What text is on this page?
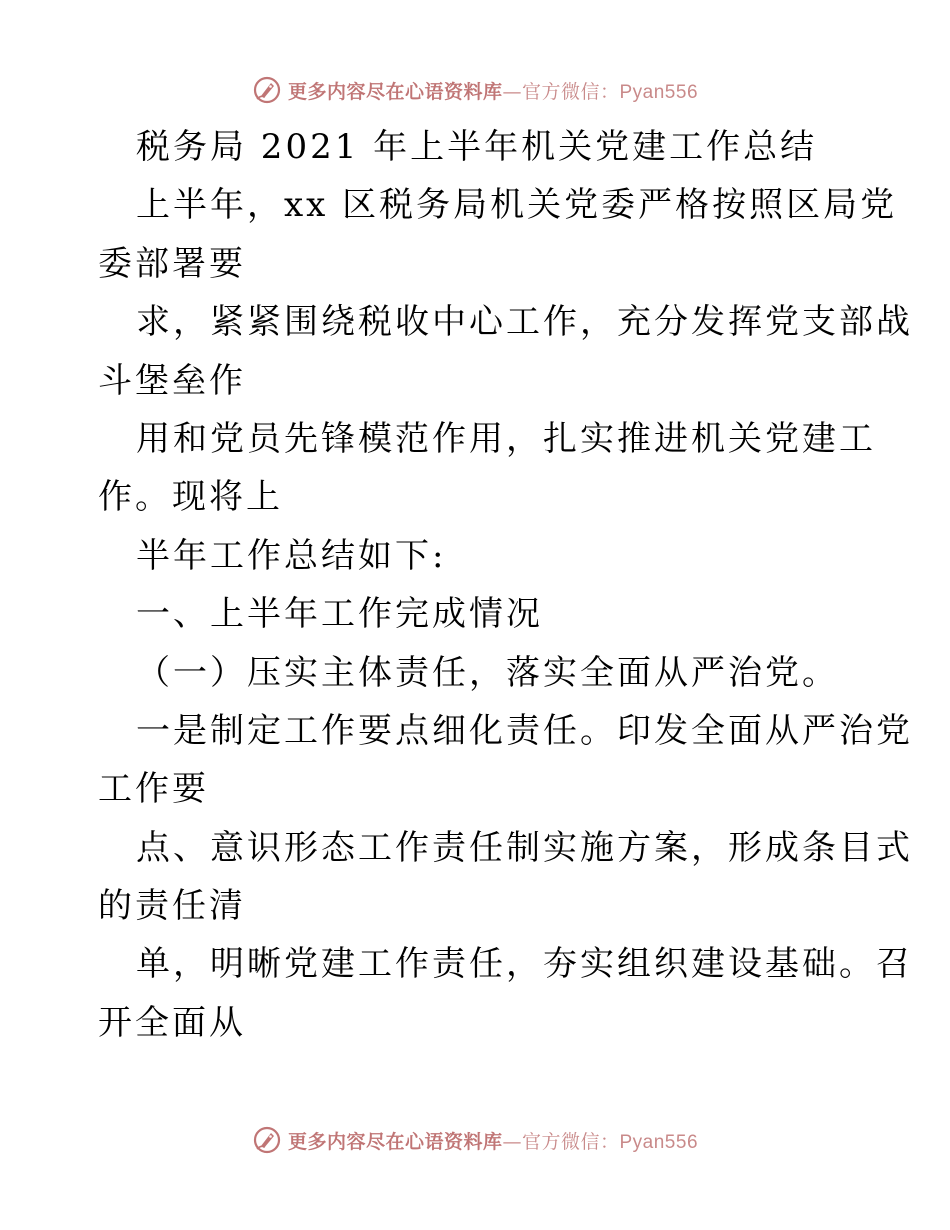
更多内容尽在心语资料库—官方微信：Pyan556
税务局 2021 年上半年机关党建工作总结
上半年，xx 区税务局机关党委严格按照区局党
委部署要
求，紧紧围绕税收中心工作，充分发挥党支部战
斗堡垒作
用和党员先锋模范作用，扎实推进机关党建工
作。现将上
半年工作总结如下:
一、上半年工作完成情况
（一）压实主体责任，落实全面从严治党。
一是制定工作要点细化责任。印发全面从严治党
工作要
点、意识形态工作责任制实施方案，形成条目式
的责任清
单，明晰党建工作责任，夯实组织建设基础。召
开全面从
更多内容尽在心语资料库—官方微信：Pyan556
